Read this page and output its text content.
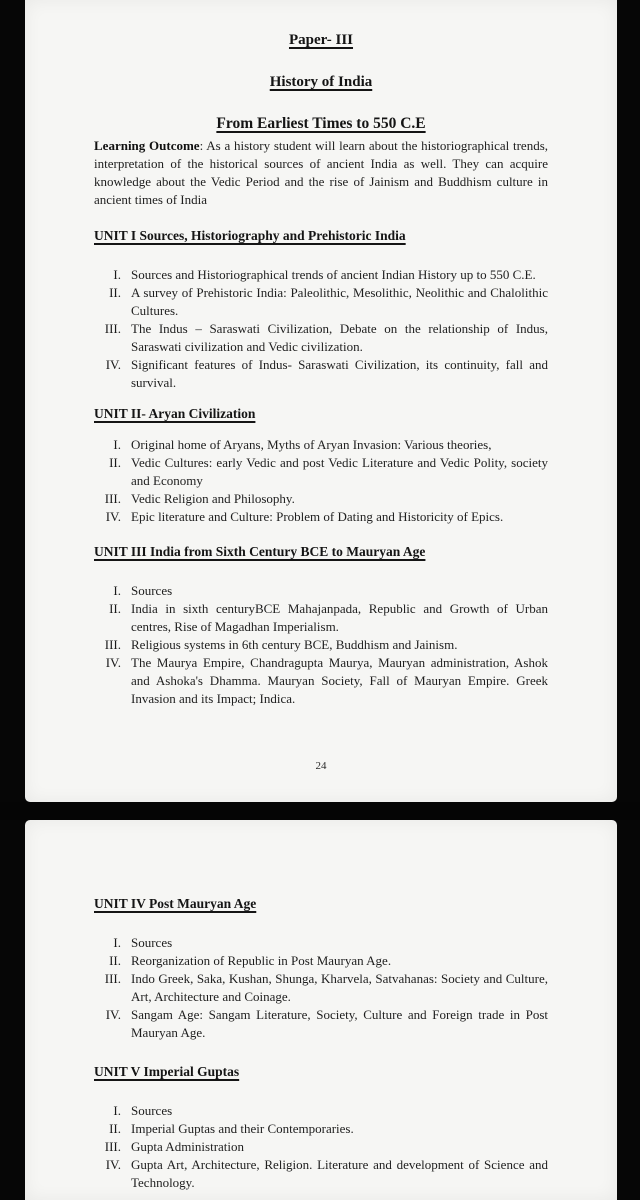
Paper- III
History of India
From Earliest Times to 550 C.E

Learning Outcome: As a history student will learn about the historiographical trends, interpretation of the historical sources of ancient India as well. They can acquire knowledge about the Vedic Period and the rise of Jainism and Buddhism culture in ancient times of India

UNIT I Sources, Historiography and Prehistoric India
I. Sources and Historiographical trends of ancient Indian History up to 550 C.E.
II. A survey of Prehistoric India: Paleolithic, Mesolithic, Neolithic and Chalolithic Cultures.
III. The Indus – Saraswati Civilization, Debate on the relationship of Indus, Saraswati civilization and Vedic civilization.
IV. Significant features of Indus- Saraswati Civilization, its continuity, fall and survival.
UNIT II- Aryan Civilization
I. Original home of Aryans, Myths of Aryan Invasion: Various theories,
II. Vedic Cultures: early Vedic and post Vedic Literature and Vedic Polity, society and Economy
III. Vedic Religion and Philosophy.
IV. Epic literature and Culture: Problem of Dating and Historicity of Epics.
UNIT III India from Sixth Century BCE to Mauryan Age
I. Sources
II. India in sixth centuryBCE Mahajanpada, Republic and Growth of Urban centres, Rise of Magadhan Imperialism.
III. Religious systems in 6th century BCE, Buddhism and Jainism.
IV. The Maurya Empire, Chandragupta Maurya, Mauryan administration, Ashok and Ashoka's Dhamma. Mauryan Society, Fall of Mauryan Empire. Greek Invasion and its Impact; Indica.
24
UNIT IV Post Mauryan Age
I. Sources
II. Reorganization of Republic in Post Mauryan Age.
III. Indo Greek, Saka, Kushan, Shunga, Kharvela, Satvahanas: Society and Culture, Art, Architecture and Coinage.
IV. Sangam Age: Sangam Literature, Society, Culture and Foreign trade in Post Mauryan Age.
UNIT V Imperial Guptas
I. Sources
II. Imperial Guptas and their Contemporaries.
III. Gupta Administration
IV. Gupta Art, Architecture, Religion. Literature and development of Science and Technology.
